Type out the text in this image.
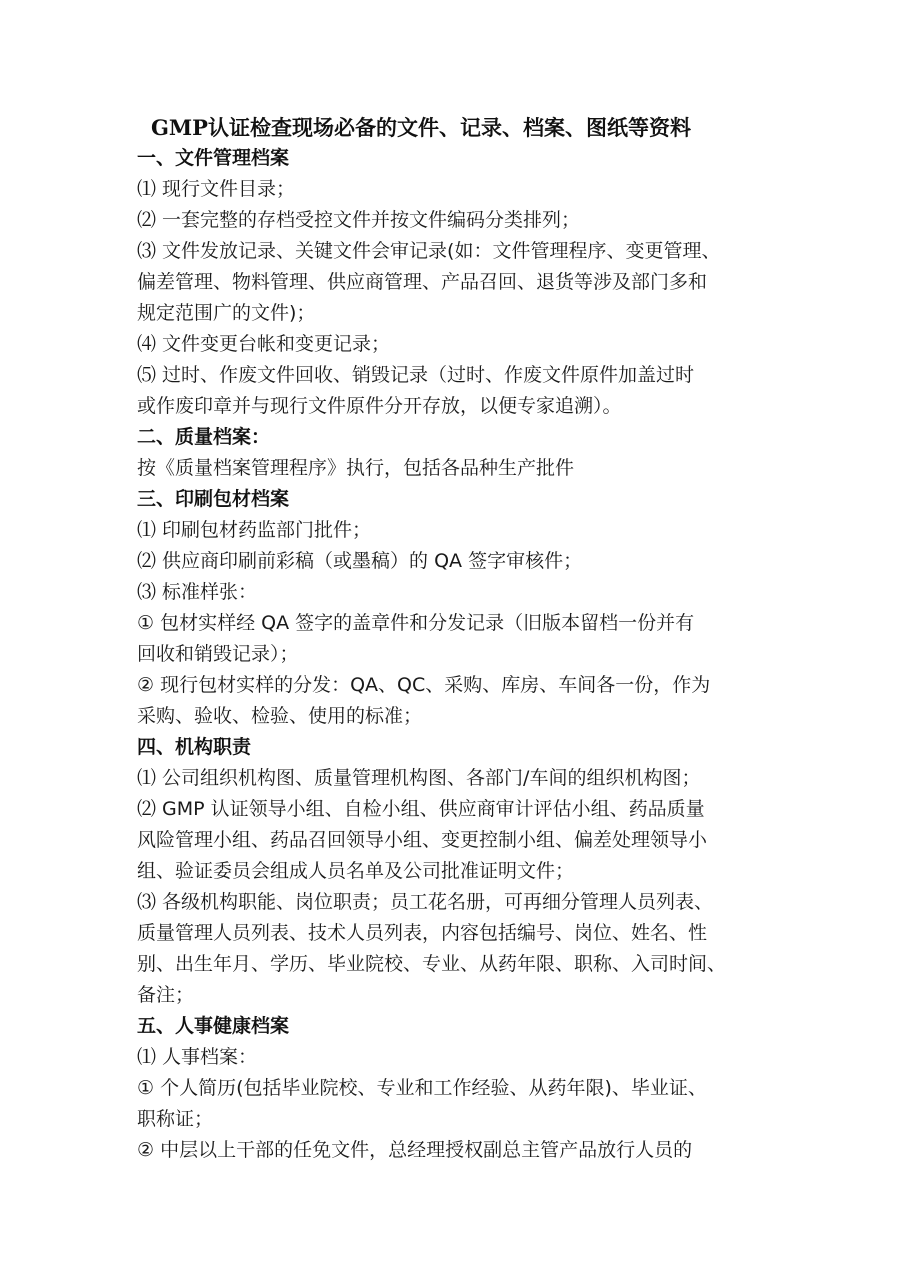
GMP认证检查现场必备的文件、记录、档案、图纸等资料
一、文件管理档案
⑴ 现行文件目录；
⑵ 一套完整的存档受控文件并按文件编码分类排列；
⑶ 文件发放记录、关键文件会审记录(如：文件管理程序、变更管理、
偏差管理、物料管理、供应商管理、产品召回、退货等涉及部门多和
规定范围广的文件)；
⑷ 文件变更台帐和变更记录；
⑸ 过时、作废文件回收、销毁记录（过时、作废文件原件加盖过时
或作废印章并与现行文件原件分开存放，以便专家追溯）。
二、质量档案：
按《质量档案管理程序》执行，包括各品种生产批件
三、印刷包材档案
⑴ 印刷包材药监部门批件；
⑵ 供应商印刷前彩稿（或墨稿）的 QA 签字审核件；
⑶ 标准样张：
① 包材实样经 QA 签字的盖章件和分发记录（旧版本留档一份并有
回收和销毁记录）；
② 现行包材实样的分发：QA、QC、采购、库房、车间各一份，作为
采购、验收、检验、使用的标准；
四、机构职责
⑴ 公司组织机构图、质量管理机构图、各部门/车间的组织机构图；
⑵ GMP 认证领导小组、自检小组、供应商审计评估小组、药品质量
风险管理小组、药品召回领导小组、变更控制小组、偏差处理领导小
组、验证委员会组成人员名单及公司批准证明文件；
⑶ 各级机构职能、岗位职责；员工花名册，可再细分管理人员列表、
质量管理人员列表、技术人员列表，内容包括编号、岗位、姓名、性
别、出生年月、学历、毕业院校、专业、从药年限、职称、入司时间、
备注；
五、人事健康档案
⑴ 人事档案：
① 个人简历(包括毕业院校、专业和工作经验、从药年限)、毕业证、
职称证；
② 中层以上干部的任免文件，总经理授权副总主管产品放行人员的
